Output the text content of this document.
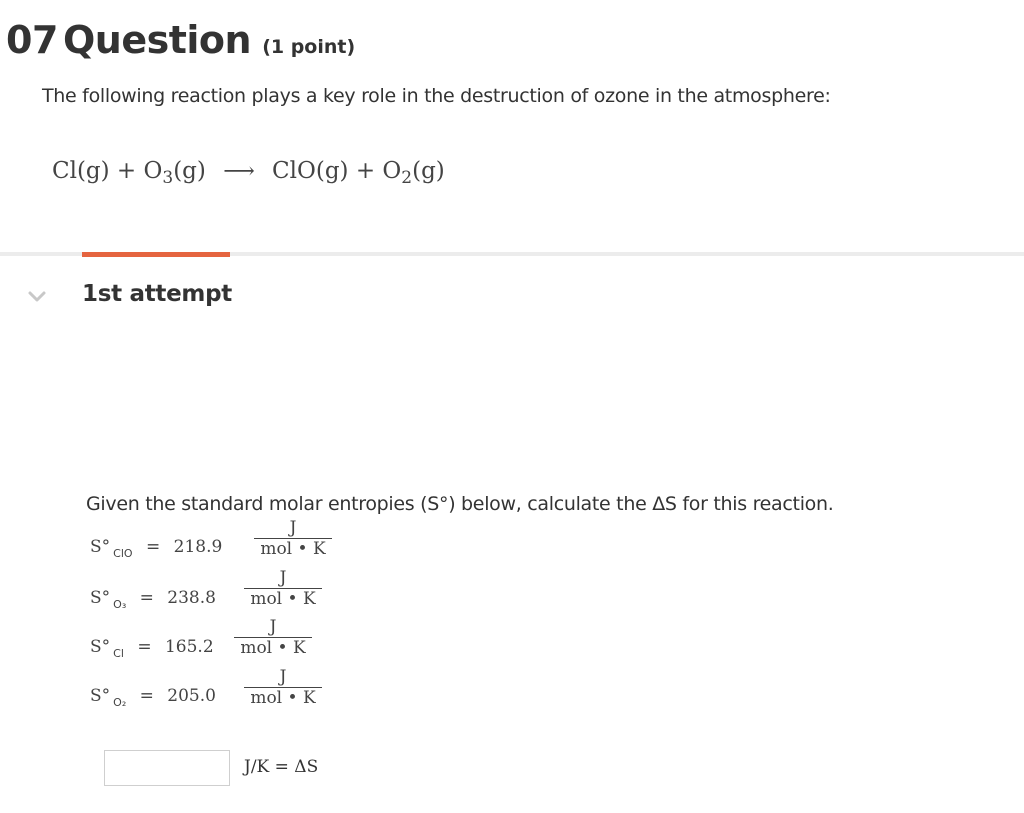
07 Question (1 point)
The following reaction plays a key role in the destruction of ozone in the atmosphere:
$Cl(g) + O_3(g)$ ⟶ $ClO(g) + O_2(g)$
1st attempt
Given the standard molar entropies (S°) below, calculate the ΔS for this reaction.
S° $_{ClO}$ = 218.9
J
mol • K
S° $_{O_3}$ = 238.8
J
mol • K
S° $_{Cl}$ = 165.2
J
mol • K
S° $_{O_2}$ = 205.0
J
mol • K
J/K = ΔS
